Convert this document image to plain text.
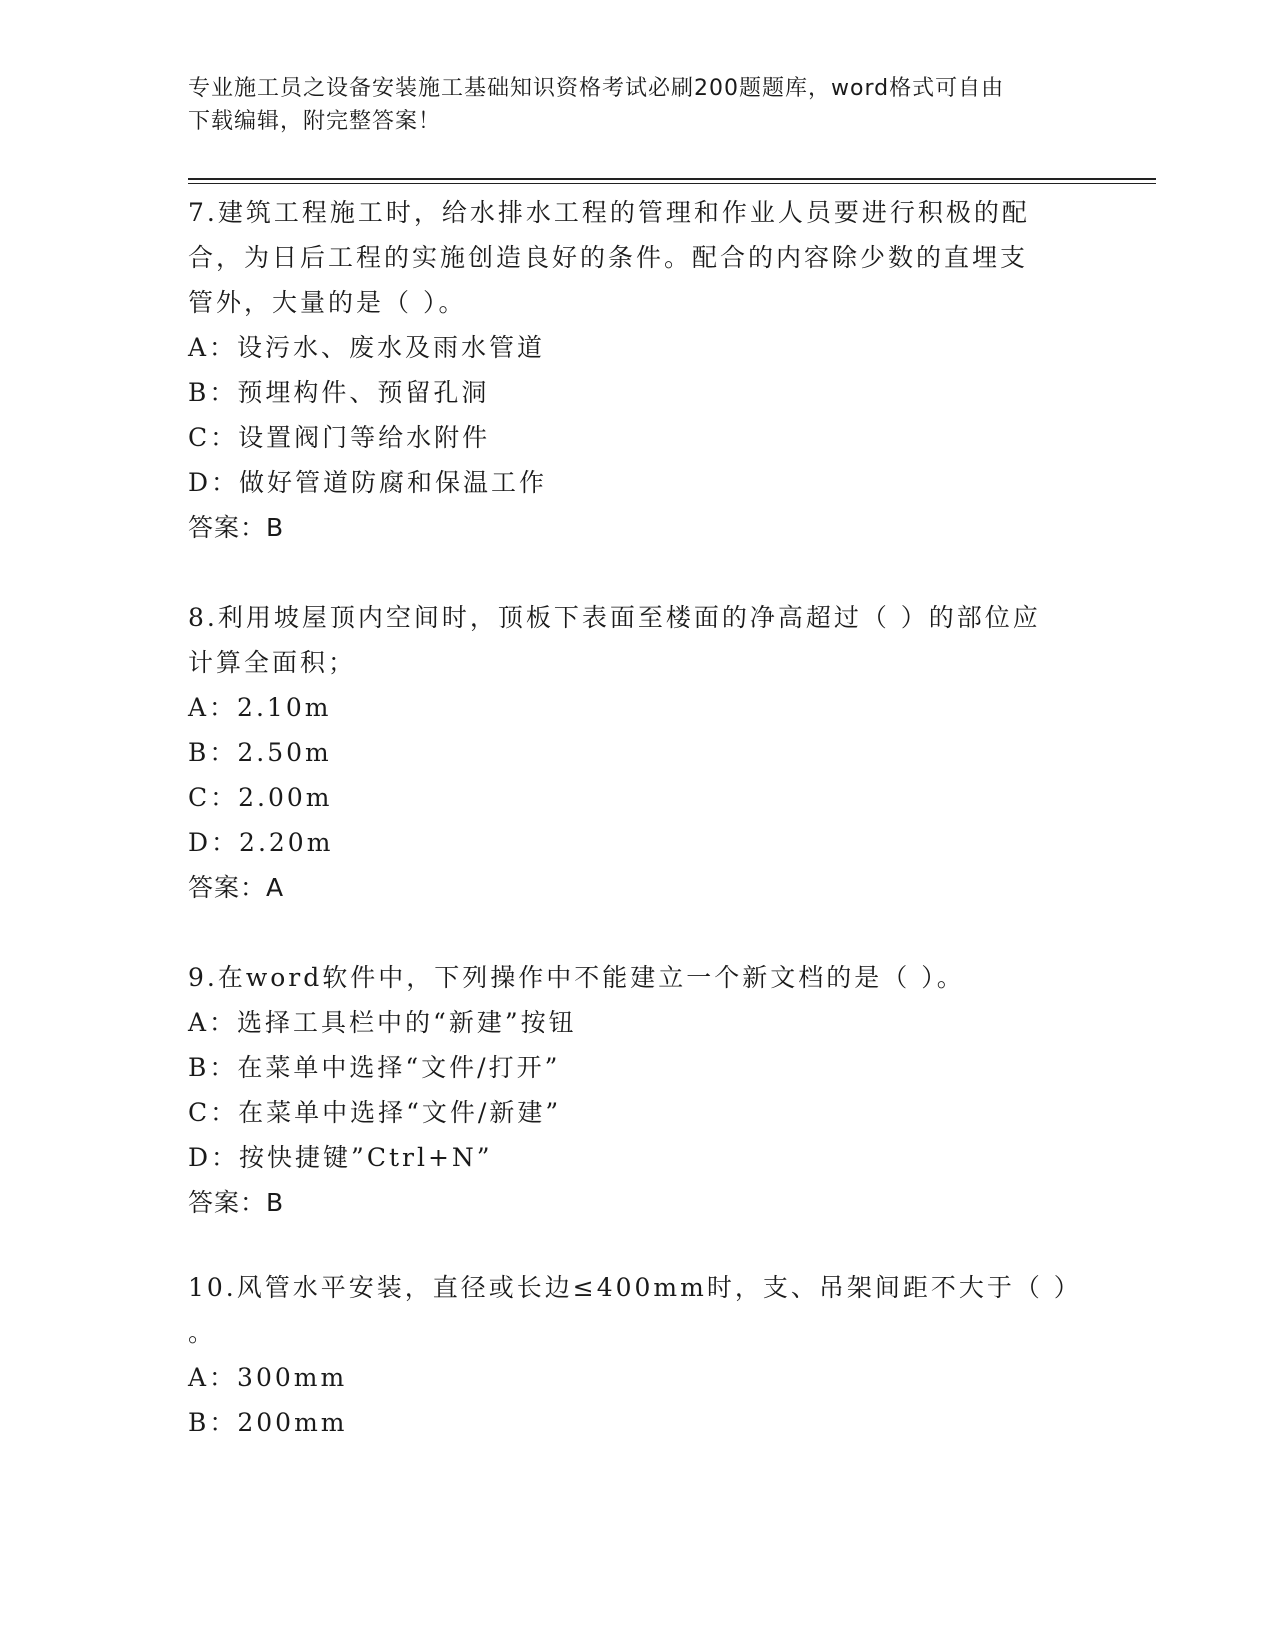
专业施工员之设备安装施工基础知识资格考试必刷200题题库，word格式可自由
下载编辑，附完整答案！
7.建筑工程施工时，给水排水工程的管理和作业人员要进行积极的配
合，为日后工程的实施创造良好的条件。配合的内容除少数的直埋支
管外，大量的是（ ）。
A：设污水、废水及雨水管道
B：预埋构件、预留孔洞
C：设置阀门等给水附件
D：做好管道防腐和保温工作
答案：B
8.利用坡屋顶内空间时，顶板下表面至楼面的净高超过（ ）的部位应
计算全面积；
A：2.10m
B：2.50m
C：2.00m
D：2.20m
答案：A
9.在word软件中，下列操作中不能建立一个新文档的是（ ）。
A：选择工具栏中的“新建”按钮
B：在菜单中选择“文件/打开”
C：在菜单中选择“文件/新建”
D：按快捷键”Ctrl+N”
答案：B
10.风管水平安装，直径或长边≤400mm时，支、吊架间距不大于（ ）
。
A：300mm
B：200mm
